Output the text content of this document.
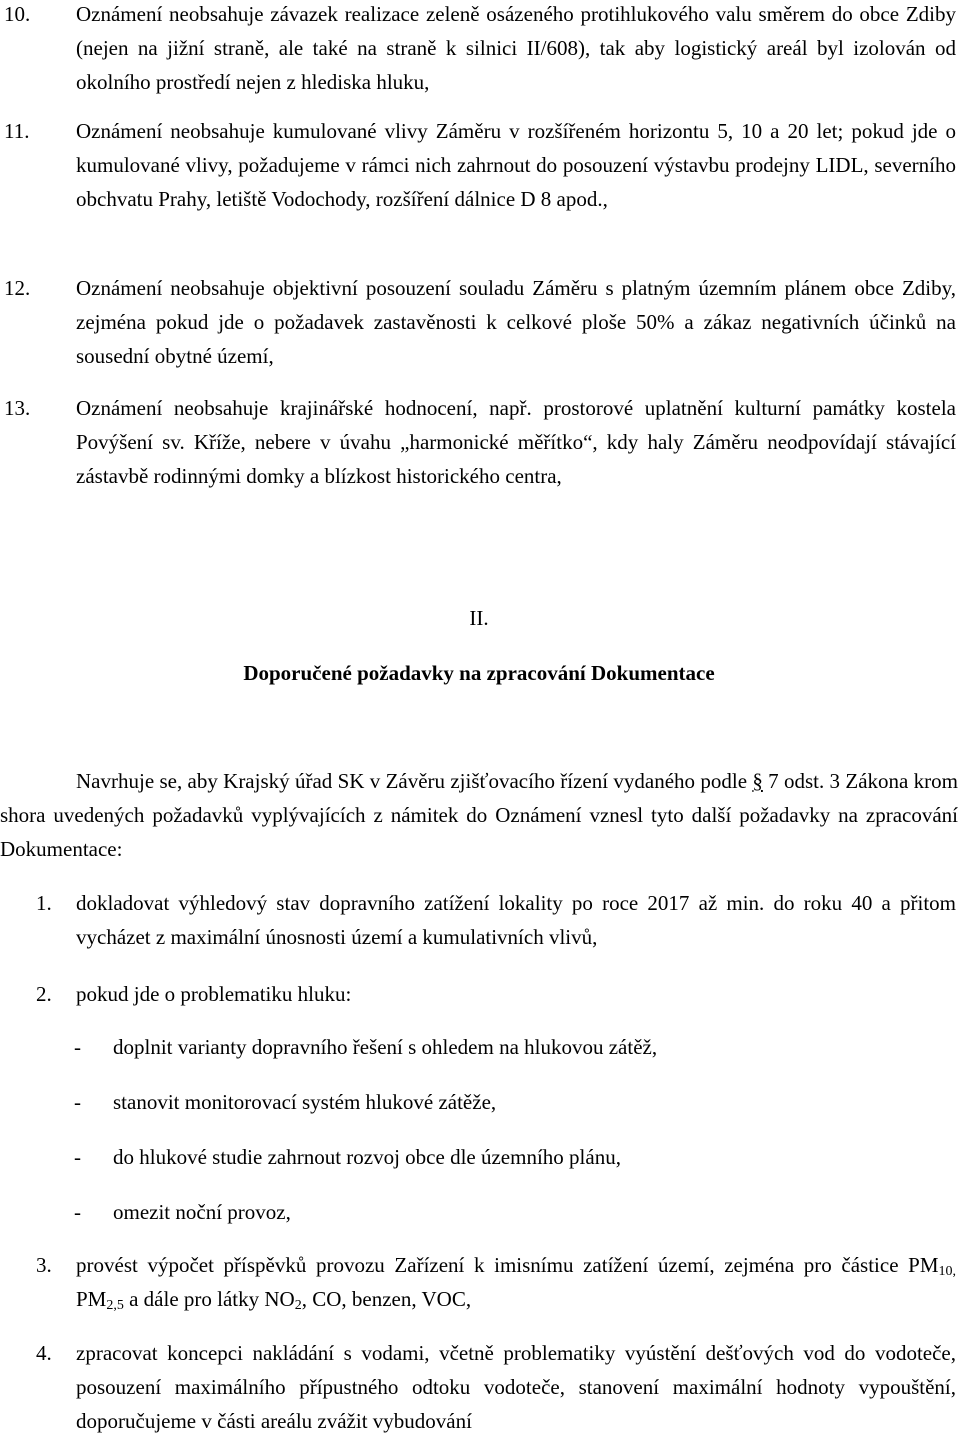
10. Oznámení neobsahuje závazek realizace zeleně osázeného protihlukového valu směrem do obce Zdiby (nejen na jižní straně, ale také na straně k silnici II/608), tak aby logistický areál byl izolován od okolního prostředí nejen z hlediska hluku,
11. Oznámení neobsahuje kumulované vlivy Záměru v rozšířeném horizontu 5, 10 a 20 let; pokud jde o kumulované vlivy, požadujeme v rámci nich zahrnout do posouzení výstavbu prodejny LIDL, severního obchvatu Prahy, letiště Vodochody, rozšíření dálnice D 8 apod.,
12. Oznámení neobsahuje objektivní posouzení souladu Záměru s platným územním plánem obce Zdiby, zejména pokud jde o požadavek zastavěnosti k celkové ploše 50% a zákaz negativních účinků na sousední obytné území,
13. Oznámení neobsahuje krajinářské hodnocení, např. prostorové uplatnění kulturní památky kostela Povýšení sv. Kříže, nebere v úvahu „harmonické měřítko“, kdy haly Záměru neodpovídají stávající zástavbě rodinnými domky a blízkost historického centra,
II.
Doporučené požadavky na zpracování Dokumentace
Navrhuje se, aby Krajský úřad SK v Závěru zjišťovacího řízení vydaného podle § 7 odst. 3 Zákona krom shora uvedených požadavků vyplývajících z námitek do Oznámení vznesl tyto další požadavky na zpracování Dokumentace:
1. dokladovat výhledový stav dopravního zatížení lokality po roce 2017 až min. do roku 40 a přitom vycházet z maximální únosnosti území a kumulativních vlivů,
2. pokud jde o problematiku hluku:
- doplnit varianty dopravního řešení s ohledem na hlukovou zátěž,
- stanovit monitorovací systém hlukové zátěže,
- do hlukové studie zahrnout rozvoj obce dle územního plánu,
- omezit noční provoz,
3. provést výpočet příspěvků provozu Zařízení k imisnímu zatížení území, zejména pro částice $PM_{10,}$ $PM_{2,5}$ a dále pro látky $NO_2$, CO, benzen, VOC,
4. zpracovat koncepci nakládání s vodami, včetně problematiky vyústění dešťových vod do vodoteče, posouzení maximálního přípustného odtoku vodoteče, stanovení maximální hodnoty vypouštění, doporučujeme v části areálu zvážit vybudování
